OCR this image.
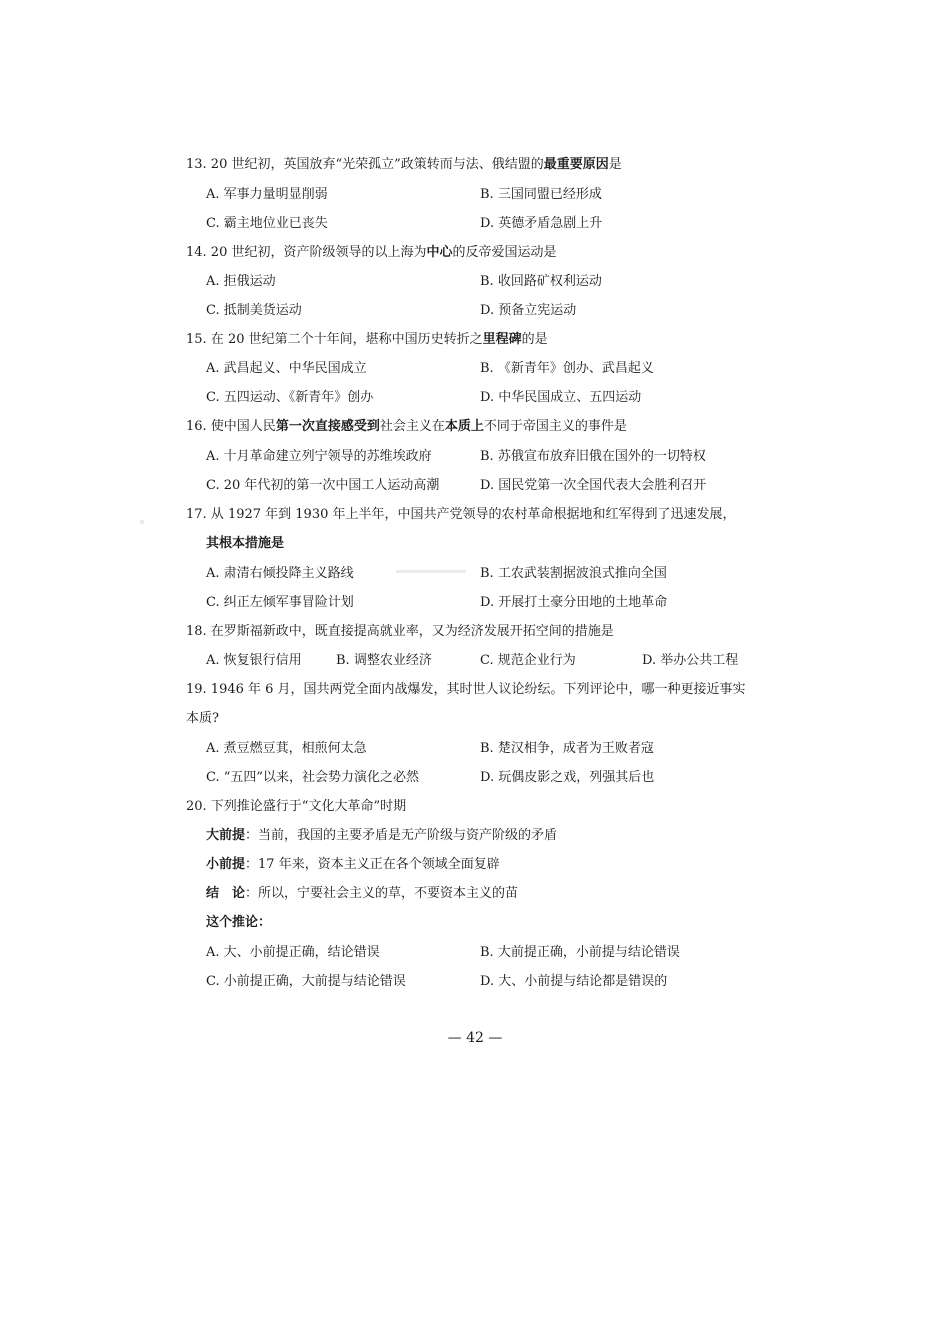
13. 20 世纪初，英国放弃“光荣孤立”政策转而与法、俄结盟的最重要原因是
A. 军事力量明显削弱	B. 三国同盟已经形成
C. 霸主地位业已丧失	D. 英德矛盾急剧上升
14. 20 世纪初，资产阶级领导的以上海为中心的反帝爱国运动是
A. 拒俄运动	B. 收回路矿权利运动
C. 抵制美货运动	D. 预备立宪运动
15. 在 20 世纪第二个十年间，堪称中国历史转折之里程碑的是
A. 武昌起义、中华民国成立	B. 《新青年》创办、武昌起义
C. 五四运动、《新青年》创办	D. 中华民国成立、五四运动
16. 使中国人民第一次直接感受到社会主义在本质上不同于帝国主义的事件是
A. 十月革命建立列宁领导的苏维埃政府	B. 苏俄宣布放弃旧俄在国外的一切特权
C. 20 年代初的第一次中国工人运动高潮	D. 国民党第一次全国代表大会胜利召开
17. 从 1927 年到 1930 年上半年，中国共产党领导的农村革命根据地和红军得到了迅速发展，
其根本措施是
A. 肃清右倾投降主义路线	B. 工农武装割据波浪式推向全国
C. 纠正左倾军事冒险计划	D. 开展打土豪分田地的土地革命
18. 在罗斯福新政中，既直接提高就业率，又为经济发展开拓空间的措施是
A. 恢复银行信用	B. 调整农业经济	C. 规范企业行为	D. 举办公共工程
19. 1946 年 6 月，国共两党全面内战爆发，其时世人议论纷纭。下列评论中，哪一种更接近事实
本质?
A. 煮豆燃豆萁，相煎何太急	B. 楚汉相争，成者为王败者寇
C. “五四”以来，社会势力演化之必然	D. 玩偶皮影之戏，列强其后也
20. 下列推论盛行于“文化大革命”时期
大前提：当前，我国的主要矛盾是无产阶级与资产阶级的矛盾
小前提：17 年来，资本主义正在各个领域全面复辟
结　论：所以，宁要社会主义的草，不要资本主义的苗
这个推论：
A. 大、小前提正确，结论错误	B. 大前提正确，小前提与结论错误
C. 小前提正确，大前提与结论错误	D. 大、小前提与结论都是错误的
— 42 —
